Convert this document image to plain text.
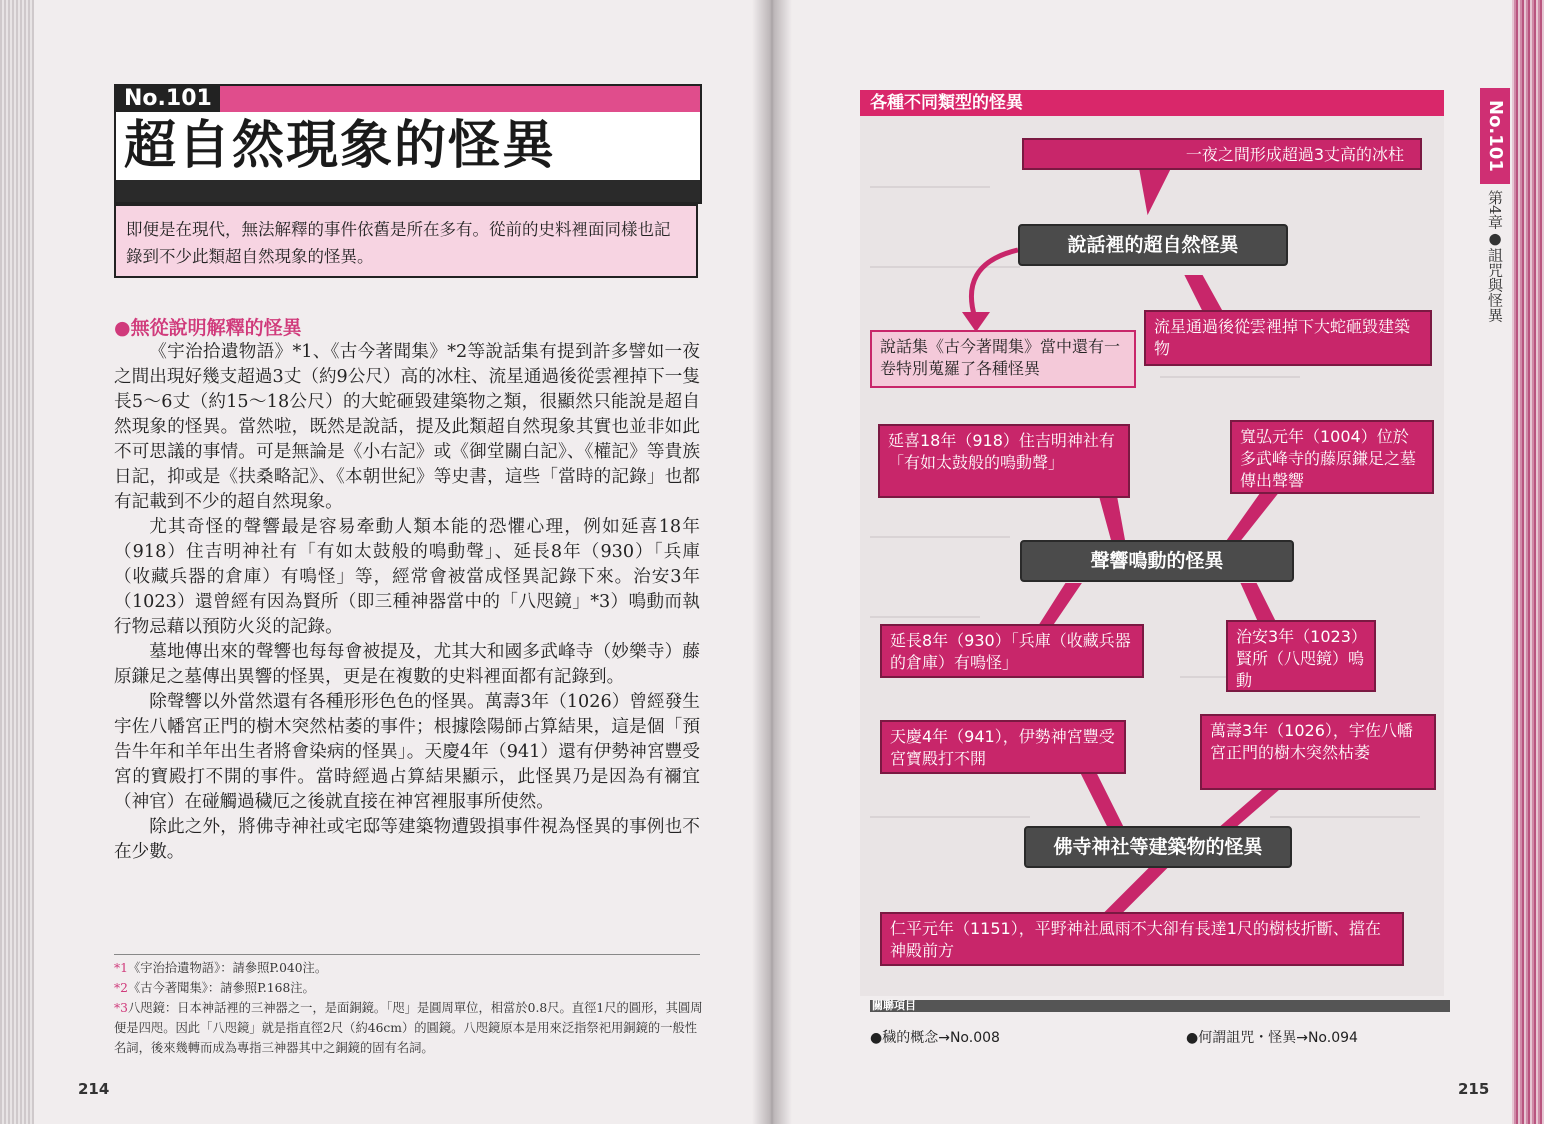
No.101
超自然現象的怪異
即便是在現代，無法解釋的事件依舊是所在多有。從前的史料裡面同樣也記錄到不少此類超自然現象的怪異。
●無從說明解釋的怪異

《宇治拾遺物語》*1、《古今著聞集》*2等說話集有提到許多譬如一夜之間出現好幾支超過3丈（約9公尺）高的冰柱、流星通過後從雲裡掉下一隻長5～6丈（約15～18公尺）的大蛇砸毀建築物之類，很顯然只能說是超自然現象的怪異。當然啦，既然是說話，提及此類超自然現象其實也並非如此不可思議的事情。可是無論是《小右記》或《御堂關白記》、《權記》等貴族日記，抑或是《扶桑略記》、《本朝世紀》等史書，這些「當時的記錄」也都有記載到不少的超自然現象。

尤其奇怪的聲響最是容易牽動人類本能的恐懼心理，例如延喜18年（918）住吉明神社有「有如太鼓般的鳴動聲」、延長8年（930）「兵庫（收藏兵器的倉庫）有鳴怪」等，經常會被當成怪異記錄下來。治安3年（1023）還曾經有因為賢所（即三種神器當中的「八咫鏡」*3）鳴動而執行物忌藉以預防火災的記錄。

墓地傳出來的聲響也每每會被提及，尤其大和國多武峰寺（妙樂寺）藤原鎌足之墓傳出異響的怪異，更是在複數的史料裡面都有記錄到。

除聲響以外當然還有各種形形色色的怪異。萬壽3年（1026）曾經發生宇佐八幡宮正門的樹木突然枯萎的事件；根據陰陽師占算結果，這是個「預告牛年和羊年出生者將會染病的怪異」。天慶4年（941）還有伊勢神宮豐受宮的寶殿打不開的事件。當時經過占算結果顯示，此怪異乃是因為有禰宜（神官）在碰觸過穢厄之後就直接在神宮裡服事所使然。

除此之外，將佛寺神社或宅邸等建築物遭毀損事件視為怪異的事例也不在少數。

*1《宇治拾遺物語》：請參照P.040注。

*2《古今著聞集》：請參照P.168注。

*3八咫鏡：日本神話裡的三神器之一，是面銅鏡。「咫」是圓周單位，相當於0.8尺。直徑1尺的圓形，其圓周便是四咫。因此「八咫鏡」就是指直徑2尺（約46cm）的圓鏡。八咫鏡原本是用來泛指祭祀用銅鏡的一般性名詞，後來幾轉而成為專指三神器其中之銅鏡的固有名詞。

214
各種不同類型的怪異	No.101
第4章●詛咒與怪異
一夜之間形成超過3丈高的冰柱
說話裡的超自然怪異
說話集《古今著聞集》當中還有一卷特別蒐羅了各種怪異
流星通過後從雲裡掉下大蛇砸毀建築物
延喜18年（918）住吉明神社有「有如太鼓般的鳴動聲」
寬弘元年（1004）位於多武峰寺的藤原鎌足之墓傳出聲響
聲響鳴動的怪異
延長8年（930）「兵庫（收藏兵器的倉庫）有鳴怪」
治安3年（1023）賢所（八咫鏡）鳴動
天慶4年（941），伊勢神宮豐受宮寶殿打不開
萬壽3年（1026），宇佐八幡宮正門的樹木突然枯萎
佛寺神社等建築物的怪異
仁平元年（1151），平野神社風雨不大卻有長達1尺的樹枝折斷、擋在神殿前方
關聯項目
●穢的概念→No.008	●何謂詛咒・怪異→No.094
215
